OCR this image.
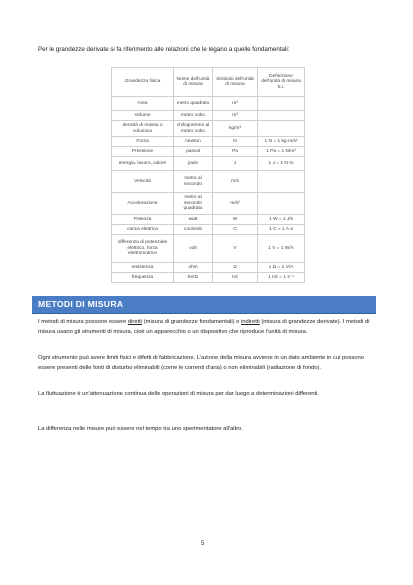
Per le grandezze derivate si fa riferimento alle relazioni che le legano a quelle fondamentali:
Grandezza fisica	Nome dell'unità di misura	Simbolo dell'unità di misura	Definizione dell'unità di misura S.I.
Area	metro quadrato	m²	
Volume	metro cubo	m³	
densità di massa o volumica	chilogrammo al metro cubo	kg/m³	
Forza	newton	N	1 N = 1 kg·m/s²
Pressione	pascal	Pa	1 Pa = 1 N/m²
energia, lavoro, calore	joule	J	1 J = 1 N·m
Velocità	metro al secondo	m/s	
Accelerazione	metro al secondo quadrato	m/s²	
Potenza	watt	W	1 W = 1 J/s
carica elettrica	coulomb	C	1 C = 1 A·s
differenza di potenziale elettrico, forza elettromotrice	volt	V	1 V = 1 W/A
resistenza	ohm	Ω	1 Ω = 1 V/A
frequenza	hertz	Hz	1 Hz = 1 s⁻¹
METODI DI MISURA
I metodi di misura possono essere diretti (misura di grandezze fondamentali) o indiretti (misura di grandezze derivate). I metodi di misura usano gli strumenti di misura, cioè un apparecchio o un dispositivo che riproduce l'unità di misura.
Ogni strumento può avere limiti fisici e difetti di fabbricazione. L'azione della misura avviene in un dato ambiente in cui possono essere presenti delle fonti di disturbo eliminabili (come le correnti d'aria) o non eliminabili (radiazione di fondo).
La fluttuazione è un'attenuazione continua delle operazioni di misura per dar luogo a determinazioni differenti.
La differenza nelle misure può essere nel tempo tra uno sperimentatore all'altro.
5
